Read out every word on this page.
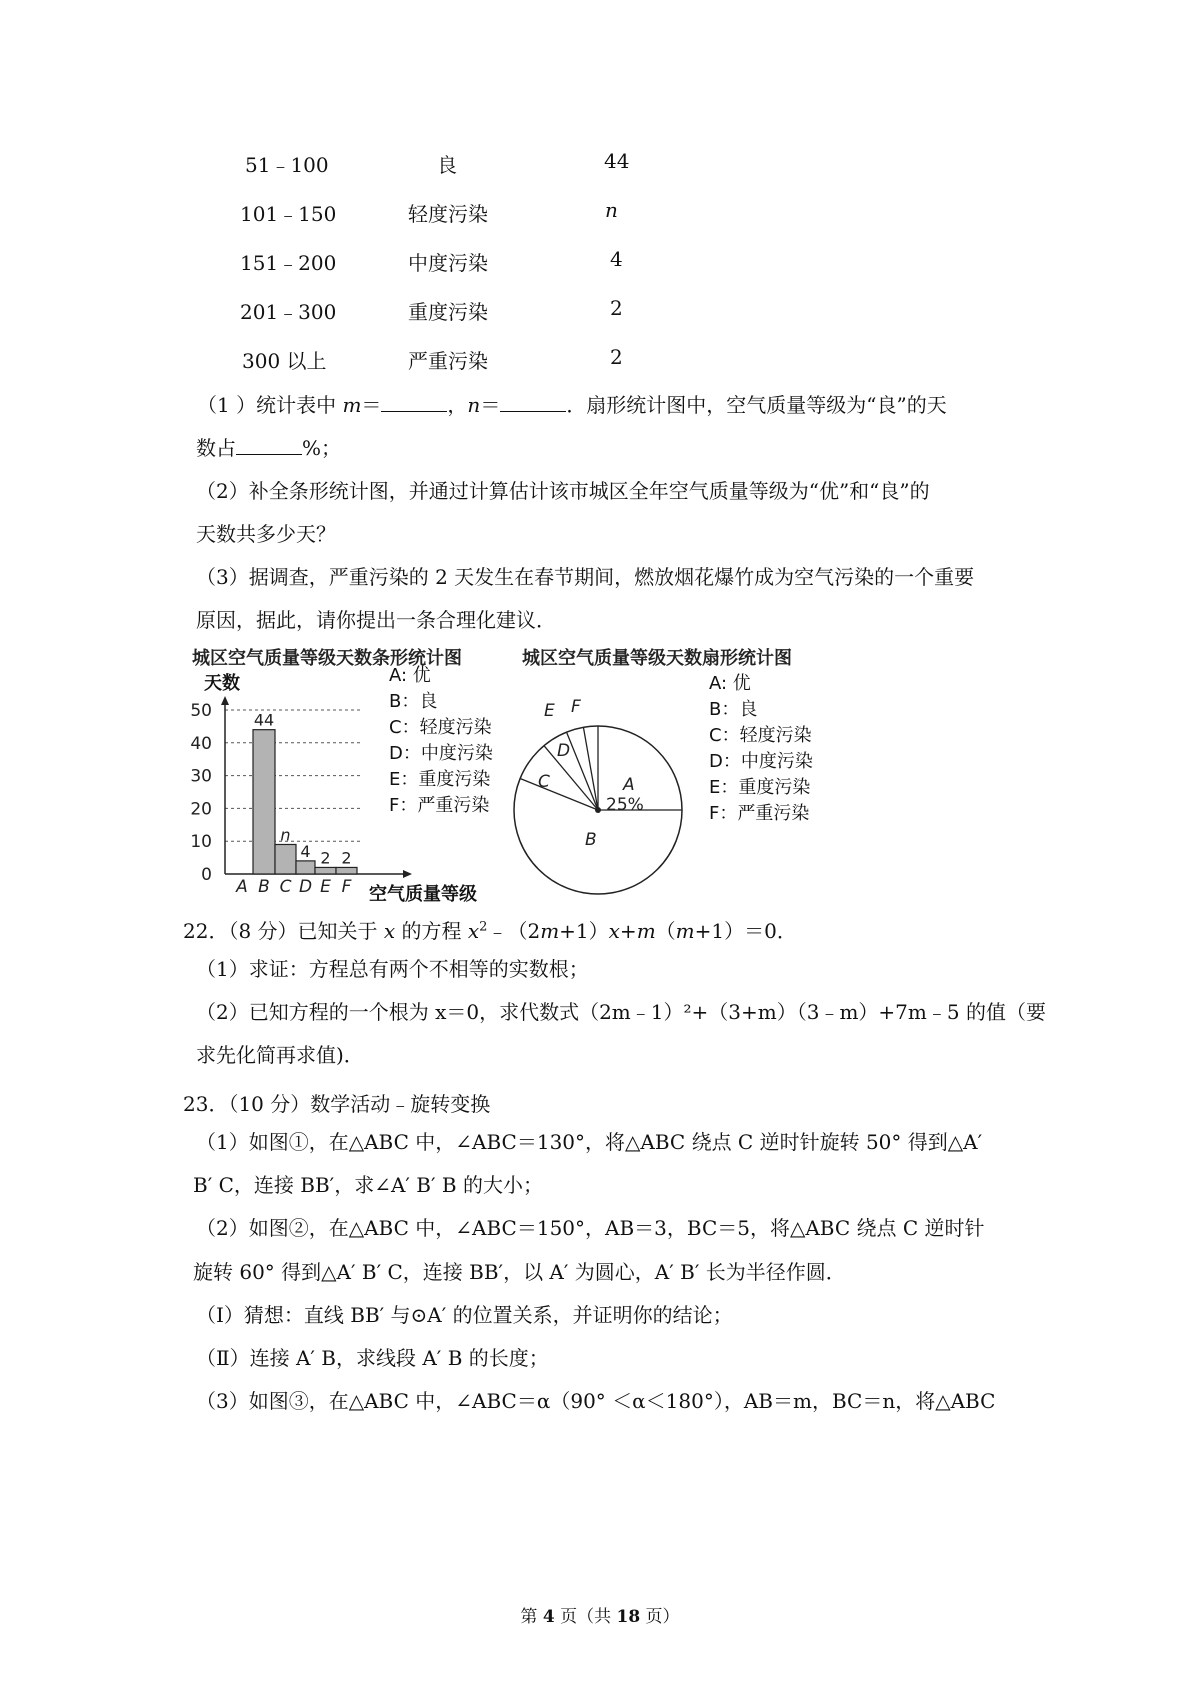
51﹣100	良	44
101﹣150	轻度污染	n
151﹣200	中度污染	4
201﹣300	重度污染	2
300 以上	严重污染	2
（1 ）统计表中 m＝	，n＝	．扇形统计图中，空气质量等级为“良”的天
数占	%；
（2）补全条形统计图，并通过计算估计该市城区全年空气质量等级为“优”和“良”的
天数共多少天？
（3）据调查，严重污染的 2 天发生在春节期间，燃放烟花爆竹成为空气污染的一个重要
原因，据此，请你提出一条合理化建议．
城区空气质量等级天数条形统计图
天数	A: 优
B：良
C：轻度污染
D：中度污染
E：重度污染
F：严重污染
0
10
20
30
40
50	44
n
4 2 2
A B C D E F 空气质量等级
城区空气质量等级天数扇形统计图
A
25%
B
C
D
E F
A: 优
B：良
C：轻度污染
D：中度污染
E：重度污染
F：严重污染
22．（8 分）已知关于 x 的方程 $x^2﹣(2m+1)x+m(m+1)=0$．
（1）求证：方程总有两个不相等的实数根；
（2）已知方程的一个根为 x＝0，求代数式（2m﹣1）²+（3+m）（3﹣m）+7m﹣5 的值（要
求先化简再求值)．
23．（10 分）数学活动﹣旋转变换
（1）如图①，在△ABC 中，∠ABC＝130°，将△ABC 绕点 C 逆时针旋转 50° 得到△A′
B′ C，连接 BB′，求∠A′ B′ B 的大小；
（2）如图②，在△ABC 中，∠ABC＝150°，AB＝3，BC＝5，将△ABC 绕点 C 逆时针
旋转 60° 得到△A′ B′ C，连接 BB′，以 A′ 为圆心，A′ B′ 长为半径作圆．
（Ⅰ）猜想：直线 BB′ 与⊙A′ 的位置关系，并证明你的结论；
（Ⅱ）连接 A′ B，求线段 A′ B 的长度；
（3）如图③，在△ABC 中，∠ABC＝α（90° ＜α＜180°），AB＝m，BC＝n，将△ABC
第 4 页（共 18 页）
